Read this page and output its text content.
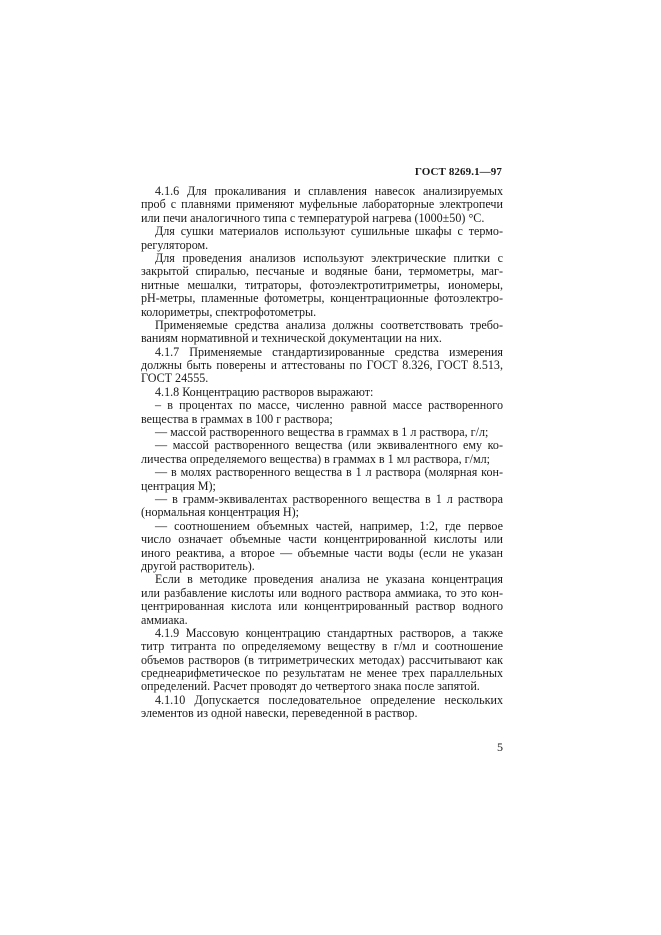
ГОСТ 8269.1—97
4.1.6 Для прокаливания и сплавления навесок анализируемых
проб с плавнями применяют муфельные лабораторные электропечи
или печи аналогичного типа с температурой нагрева (1000±50) °С.
Для сушки материалов используют сушильные шкафы с термо-
регулятором.
Для проведения анализов используют электрические плитки с
закрытой спиралью, песчаные и водяные бани, термометры, маг-
нитные мешалки, титраторы, фотоэлектротитриметры, иономеры,
pH-метры, пламенные фотометры, концентрационные фотоэлектро-
колориметры, спектрофотометры.
Применяемые средства анализа должны соответствовать требо-
ваниям нормативной и технической документации на них.
4.1.7 Применяемые стандартизированные средства измерения
должны быть поверены и аттестованы по ГОСТ 8.326, ГОСТ 8.513,
ГОСТ 24555.
4.1.8 Концентрацию растворов выражают:
– в процентах по массе, численно равной массе растворенного
вещества в граммах в 100 г раствора;
— массой растворенного вещества в граммах в 1 л раствора, г/л;
— массой растворенного вещества (или эквивалентного ему ко-
личества определяемого вещества) в граммах в 1 мл раствора, г/мл;
— в молях растворенного вещества в 1 л раствора (молярная кон-
центрация М);
— в грамм-эквивалентах растворенного вещества в 1 л раствора
(нормальная концентрация Н);
— соотношением объемных частей, например, 1:2, где первое
число означает объемные части концентрированной кислоты или
иного реактива, а второе — объемные части воды (если не указан
другой растворитель).
Если в методике проведения анализа не указана концентрация
или разбавление кислоты или водного раствора аммиака, то это кон-
центрированная кислота или концентрированный раствор водного
аммиака.
4.1.9 Массовую концентрацию стандартных растворов, а также
титр титранта по определяемому веществу в г/мл и соотношение
объемов растворов (в титриметрических методах) рассчитывают как
среднеарифметическое по результатам не менее трех параллельных
определений. Расчет проводят до четвертого знака после запятой.
4.1.10 Допускается последовательное определение нескольких
элементов из одной навески, переведенной в раствор.
5
